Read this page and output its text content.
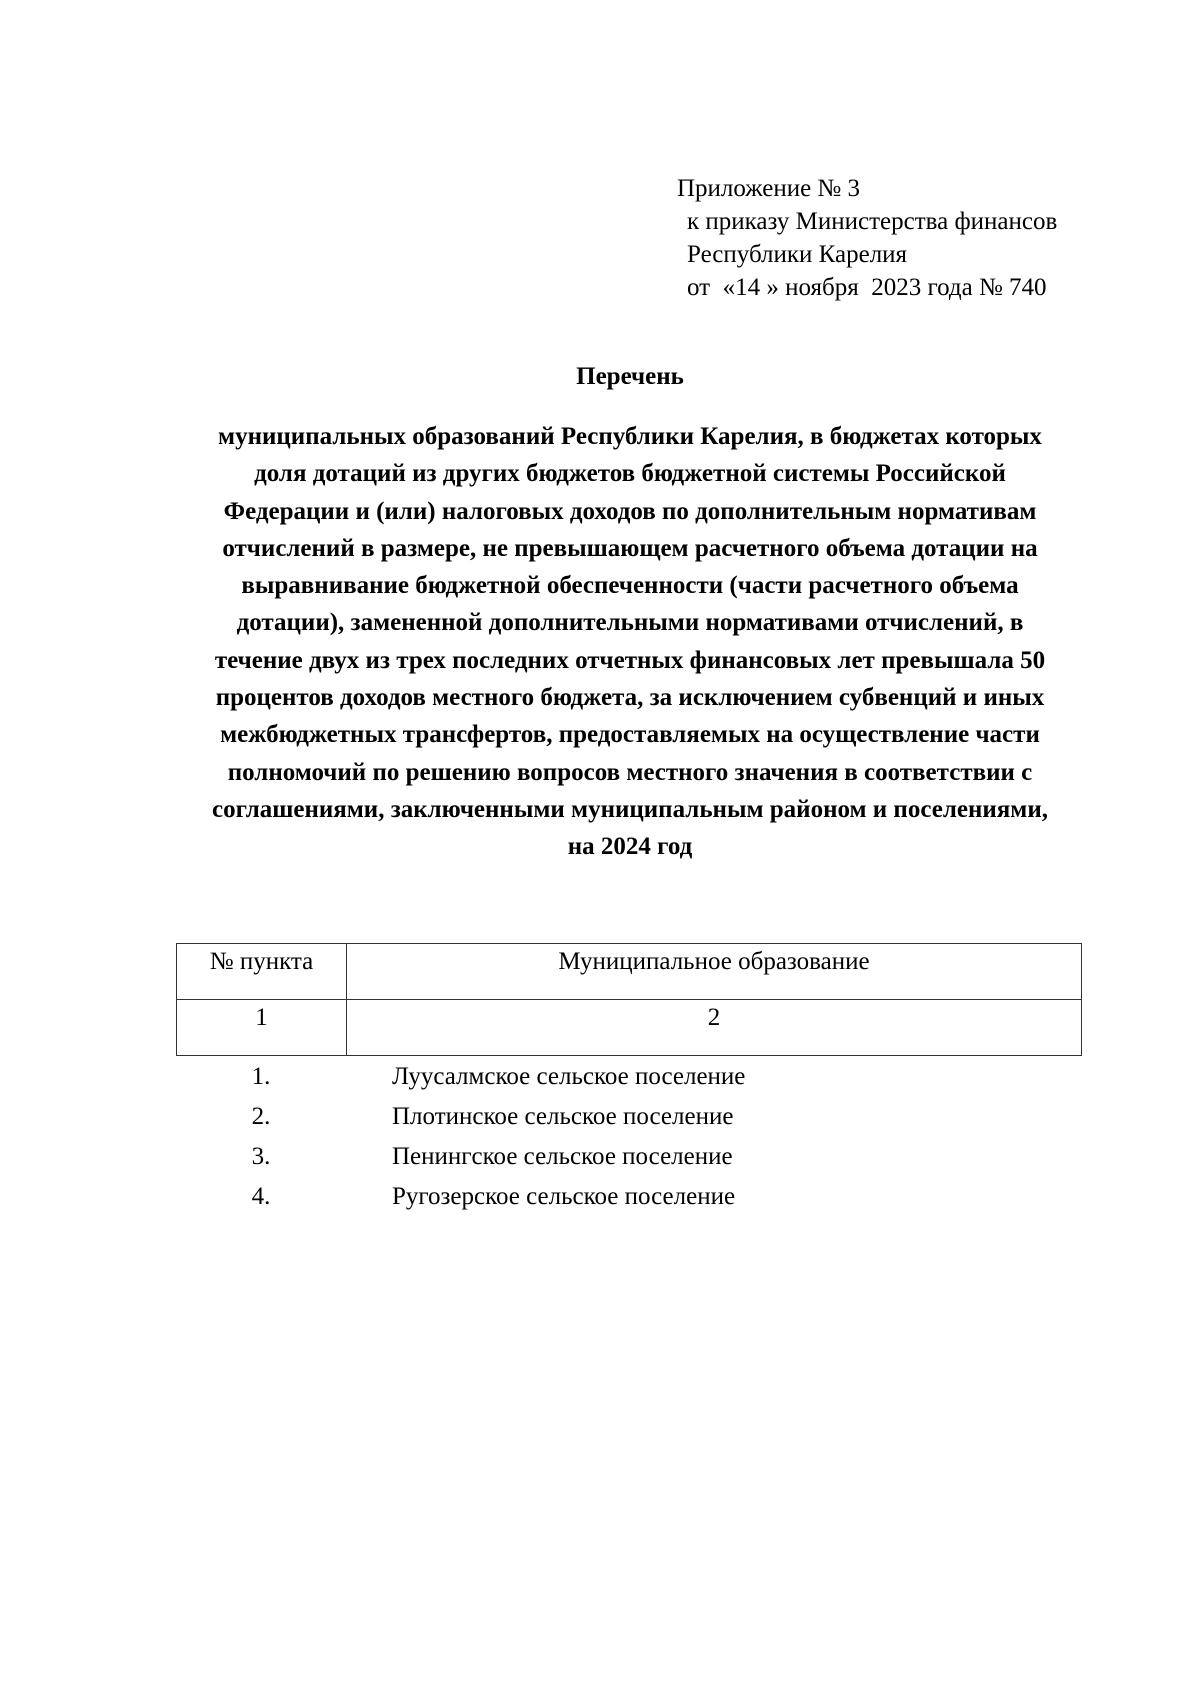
Приложение № 3
к приказу Министерства финансов
Республики Карелия
от  «14 » ноября  2023 года № 740
Перечень
муниципальных образований Республики Карелия, в бюджетах которых
доля дотаций из других бюджетов бюджетной системы Российской
Федерации и (или) налоговых доходов по дополнительным нормативам
отчислений в размере, не превышающем расчетного объема дотации на
выравнивание бюджетной обеспеченности (части расчетного объема
дотации), замененной дополнительными нормативами отчислений, в
течение двух из трех последних отчетных финансовых лет превышала 50
процентов доходов местного бюджета, за исключением субвенций и иных
межбюджетных трансфертов, предоставляемых на осуществление части
полномочий по решению вопросов местного значения в соответствии с
соглашениями, заключенными муниципальным районом и поселениями,
на 2024 год
№ пункта	Муниципальное образование
1	2
1.	Луусалмское сельское поселение
2.	Плотинское сельское поселение
3.	Пенингское сельское поселение
4.	Ругозерское сельское поселение
